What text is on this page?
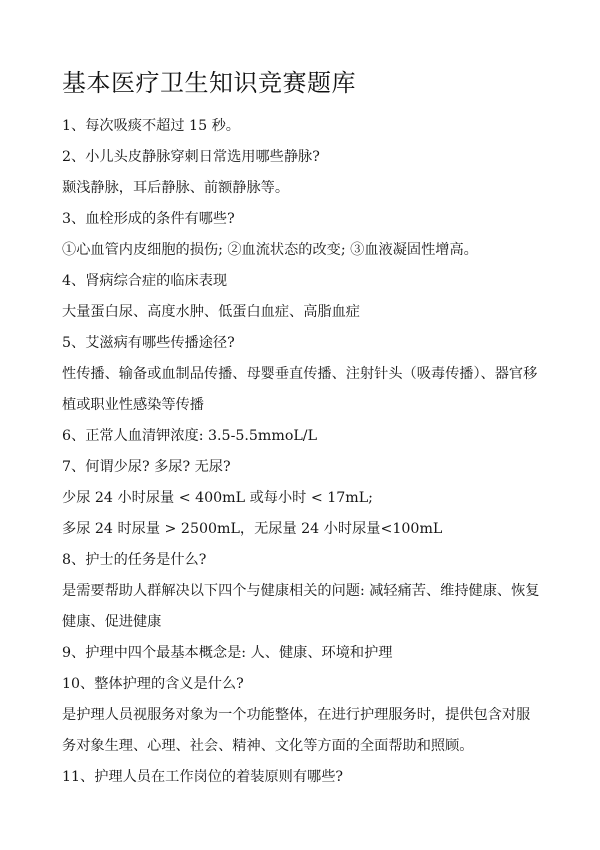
基本医疗卫生知识竞赛题库

1、每次吸痰不超过 15 秒。

2、小儿头皮静脉穿刺日常选用哪些静脉?

颞浅静脉，耳后静脉、前额静脉等。

3、血栓形成的条件有哪些?

①心血管内皮细胞的损伤; ②血流状态的改变; ③血液凝固性增高。

4、肾病综合症的临床表现

大量蛋白尿、高度水肿、低蛋白血症、高脂血症

5、艾滋病有哪些传播途径?

性传播、输备或血制品传播、母婴垂直传播、注射针头（吸毒传播）、器官移植或职业性感染等传播

6、正常人血清钾浓度: 3.5-5.5mmoL/L

7、何谓少尿? 多尿? 无尿?

少尿 24 小时尿量 < 400mL 或每小时 < 17mL;

多尿 24 时尿量 > 2500mL，无尿量 24 小时尿量<100mL

8、护士的任务是什么?

是需要帮助人群解决以下四个与健康相关的问题: 减轻痛苦、维持健康、恢复健康、促进健康

9、护理中四个最基本概念是: 人、健康、环境和护理

10、整体护理的含义是什么?

是护理人员视服务对象为一个功能整体，在进行护理服务时，提供包含对服务对象生理、心理、社会、精神、文化等方面的全面帮助和照顾。

11、护理人员在工作岗位的着装原则有哪些?
